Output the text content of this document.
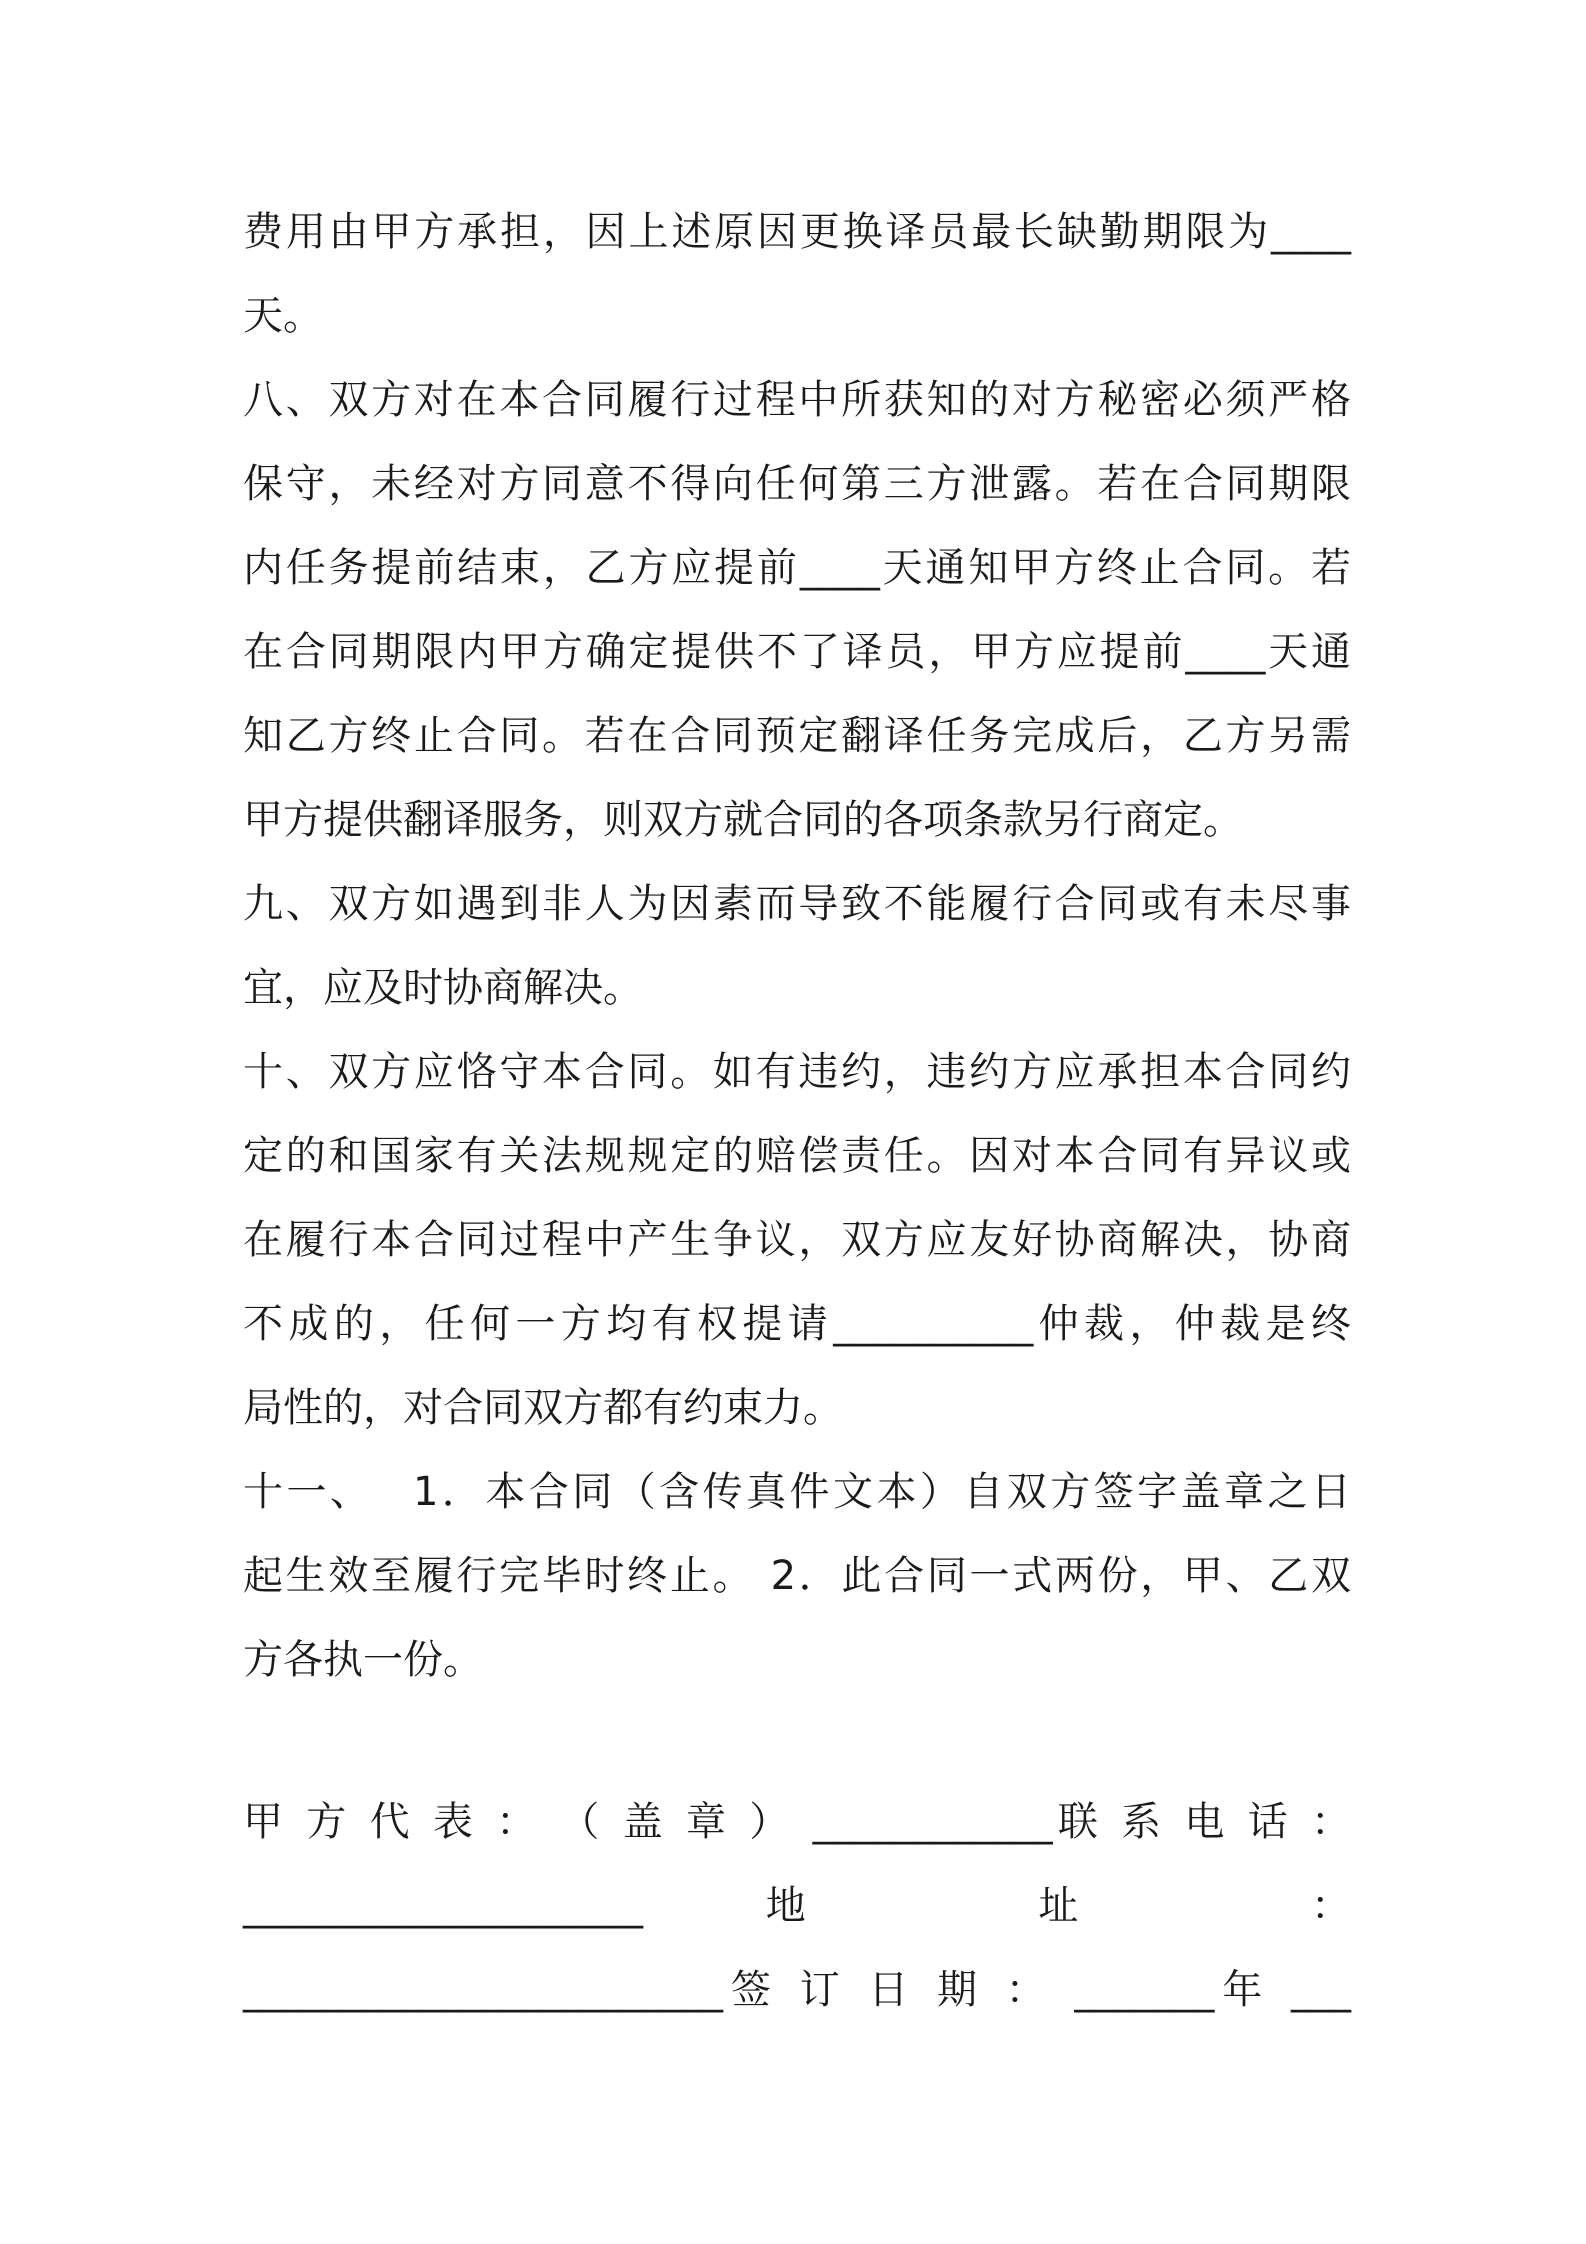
费用由甲方承担，因上述原因更换译员最长缺勤期限为____
天。
八、双方对在本合同履行过程中所获知的对方秘密必须严格
保守，未经对方同意不得向任何第三方泄露。若在合同期限
内任务提前结束，乙方应提前____天通知甲方终止合同。若
在合同期限内甲方确定提供不了译员，甲方应提前____天通
知乙方终止合同。若在合同预定翻译任务完成后，乙方另需
甲方提供翻译服务，则双方就合同的各项条款另行商定。
九、双方如遇到非人为因素而导致不能履行合同或有未尽事
宜，应及时协商解决。
十、双方应恪守本合同。如有违约，违约方应承担本合同约
定的和国家有关法规规定的赔偿责任。因对本合同有异议或
在履行本合同过程中产生争议，双方应友好协商解决，协商
不成的，任何一方均有权提请__________仲裁，仲裁是终
局性的，对合同双方都有约束力。
十一、　 1．本合同（含传真件文本）自双方签字盖章之日
起生效至履行完毕时终止。 2．此合同一式两份，甲、乙双
方各执一份。
甲 方 代 表 ： （ 盖 章 ） ____________联 系 电 话 ：
____________________	地	址	：
________________________签 订 日 期 ： _______年 ___
